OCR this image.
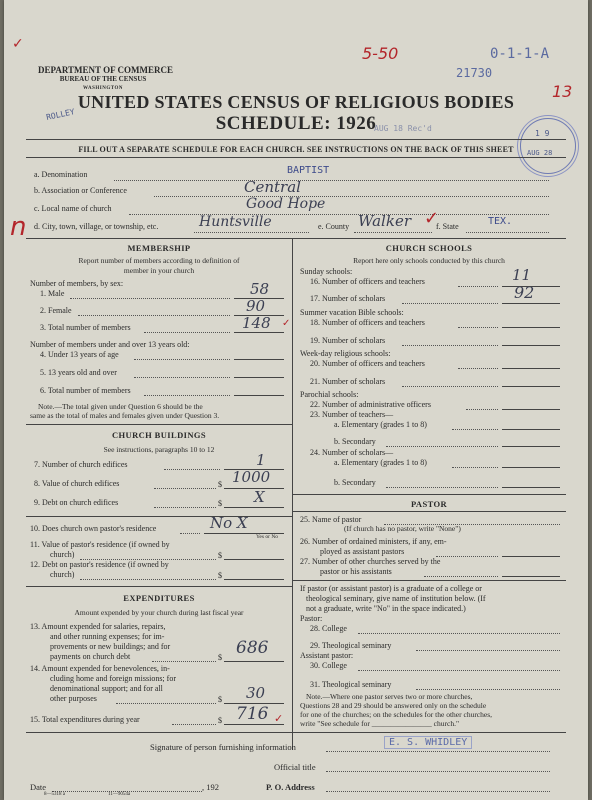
✓	5-50	0-1-1-A
21730
13
DEPARTMENT OF COMMERCE
BUREAU OF THE CENSUS
WASHINGTON
ROLLEY
UNITED STATES CENSUS OF RELIGIOUS BODIES
SCHEDULE: 1926
AUG 18 Rec'd
1 9
AUG 28
FILL OUT A SEPARATE SCHEDULE FOR EACH CHURCH. SEE INSTRUCTIONS ON THE BACK OF THIS SHEET
a. Denomination	BAPTIST
b. Association or Conference	Central
c. Local name of church	Good Hope
n d. City, town, village, or township, etc.	Huntsville	e. County Walker ✓
f. State	TEX.
MEMBERSHIP
Report number of members according to definition of
member in your church
Number of members, by sex:
1. Male	58
2. Female	90
3. Total number of members	148 ✓
Number of members under and over 13 years old:
4. Under 13 years of age
5. 13 years old and over
6. Total number of members
Note.—The total given under Question 6 should be the
same as the total of males and females given under Question 3.
CHURCH BUILDINGS
See instructions, paragraphs 10 to 12
7. Number of church edifices	1
8. Value of church edifices	$ 1000
9. Debt on church edifices	$ X
10. Does church own pastor's residence	No X
Yes or No
11. Value of pastor's residence (if owned by
church)	$
12. Debt on pastor's residence (if owned by
church)	$
EXPENDITURES
Amount expended by your church during last fiscal year
13. Amount expended for salaries, repairs,
and other running expenses; for im-
provements or new buildings; and for
payments on church debt	$ 686
14. Amount expended for benevolences, in-
cluding home and foreign missions; for
denominational support; and for all
other purposes	$ 30
15. Total expenditures during year	$ 716 ✓
CHURCH SCHOOLS
Report here only schools conducted by this church
Sunday schools:
16. Number of officers and teachers	11
17. Number of scholars	92
Summer vacation Bible schools:
18. Number of officers and teachers
19. Number of scholars
Week-day religious schools:
20. Number of officers and teachers
21. Number of scholars
Parochial schools:
22. Number of administrative officers
23. Number of teachers—
a. Elementary (grades 1 to 8)
b. Secondary
24. Number of scholars—
a. Elementary (grades 1 to 8)
b. Secondary
PASTOR
25. Name of pastor
(If church has no pastor, write "None")
26. Number of ordained ministers, if any, em-
ployed as assistant pastors
27. Number of other churches served by the
pastor or his assistants
If pastor (or assistant pastor) is a graduate of a college or
theological seminary, give name of institution below. (If
not a graduate, write "No" in the space indicated.)
Pastor:
28. College
29. Theological seminary
Assistant pastor:
30. College
31. Theological seminary
Note.—Where one pastor serves two or more churches,
Questions 28 and 29 should be answered only on the schedule
for one of the churches; on the schedules for the other churches,
write "See schedule for ________________ church."
Signature of person furnishing information	E. S. WHIDLEY
Official title
Date	, 192	P. O. Address
8—5318 a	11—9054a
